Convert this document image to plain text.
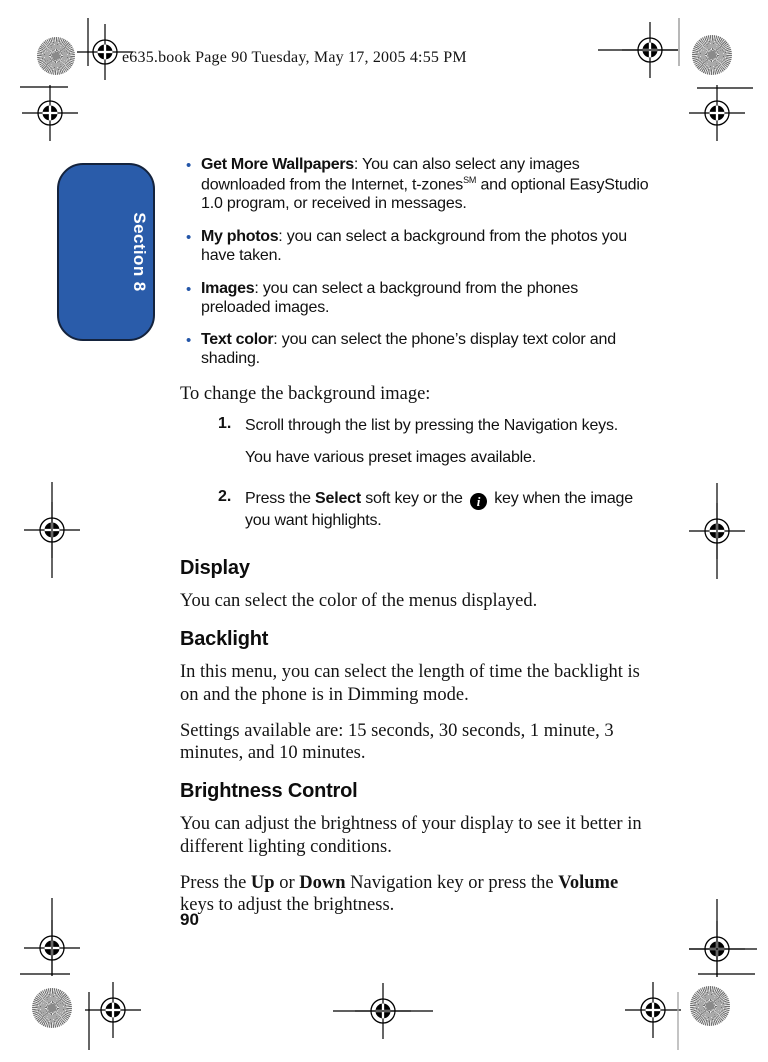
e635.book Page 90 Tuesday, May 17, 2005 4:55 PM
Section 8
• Get More Wallpapers: You can also select any images downloaded from the Internet, t-zones℠ and optional EasyStudio 1.0 program, or received in messages.
• My photos: you can select a background from the photos you have taken.
• Images: you can select a background from the phones preloaded images.
• Text color: you can select the phone’s display text color and shading.

To change the background image:

1. Scroll through the list by pressing the Navigation keys.

You have various preset images available.

2. Press the Select soft key or the i key when the image you want highlights.

Display

You can select the color of the menus displayed.

Backlight

In this menu, you can select the length of time the backlight is on and the phone is in Dimming mode.

Settings available are: 15 seconds, 30 seconds, 1 minute, 3 minutes, and 10 minutes.

Brightness Control

You can adjust the brightness of your display to see it better in different lighting conditions.

Press the Up or Down Navigation key or press the Volume keys to adjust the brightness.

90
